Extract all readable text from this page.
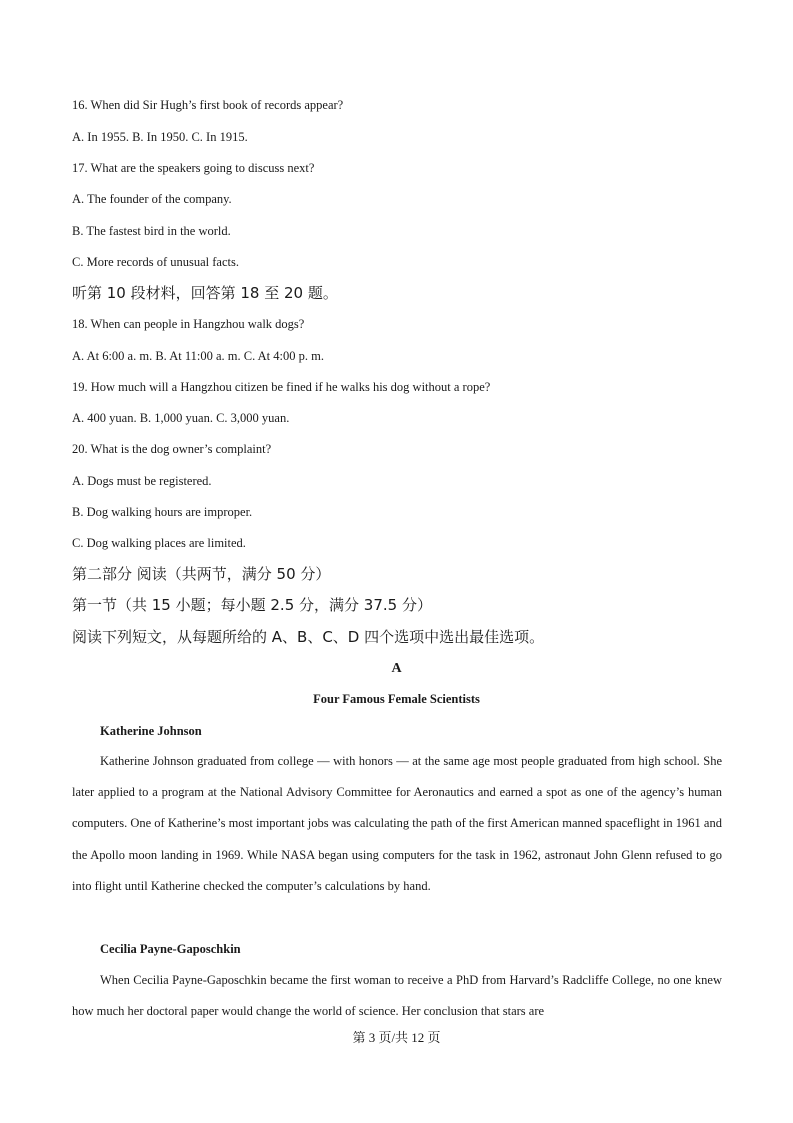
16. When did Sir Hugh’s first book of records appear?
A. In 1955. B. In 1950. C. In 1915.
17. What are the speakers going to discuss next?
A. The founder of the company.
B. The fastest bird in the world.
C. More records of unusual facts.
听第 10 段材料，回答第 18 至 20 题。
18. When can people in Hangzhou walk dogs?
A. At 6:00 a. m. B. At 11:00 a. m. C. At 4:00 p. m.
19. How much will a Hangzhou citizen be fined if he walks his dog without a rope?
A. 400 yuan. B. 1,000 yuan. C. 3,000 yuan.
20. What is the dog owner’s complaint?
A. Dogs must be registered.
B. Dog walking hours are improper.
C. Dog walking places are limited.
第二部分 阅读（共两节，满分 50 分）
第一节（共 15 小题；每小题 2.5 分，满分 37.5 分）
阅读下列短文，从每题所给的 A、B、C、D 四个选项中选出最佳选项。
A
Four Famous Female Scientists
Katherine Johnson
Katherine Johnson graduated from college — with honors — at the same age most people graduated from high school. She later applied to a program at the National Advisory Committee for Aeronautics and earned a spot as one of the agency’s human computers. One of Katherine’s most important jobs was calculating the path of the first American manned spaceflight in 1961 and the Apollo moon landing in 1969. While NASA began using computers for the task in 1962, astronaut John Glenn refused to go into flight until Katherine checked the computer’s calculations by hand.
Cecilia Payne-Gaposchkin
When Cecilia Payne-Gaposchkin became the first woman to receive a PhD from Harvard’s Radcliffe College, no one knew how much her doctoral paper would change the world of science. Her conclusion that stars are
第 3 页/共 12 页
